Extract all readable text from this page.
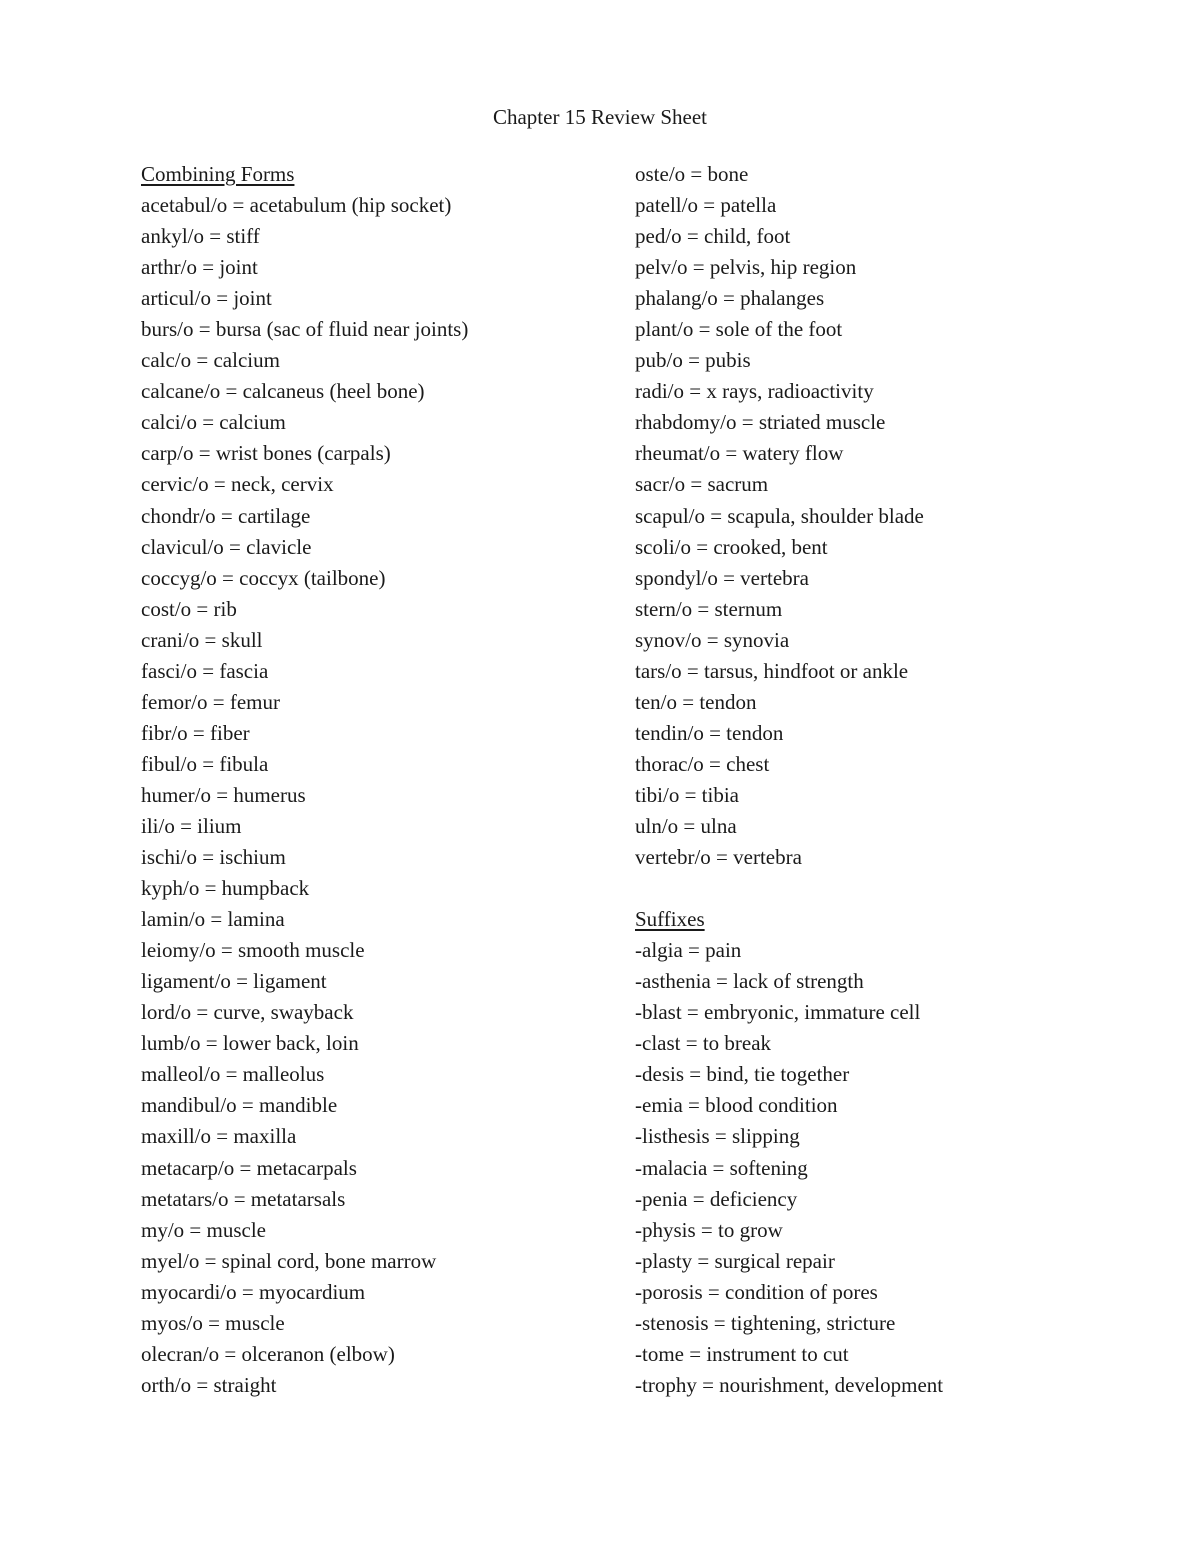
Chapter 15 Review Sheet
Combining Forms
acetabul/o = acetabulum (hip socket)
ankyl/o = stiff
arthr/o = joint
articul/o = joint
burs/o = bursa (sac of fluid near joints)
calc/o = calcium
calcane/o = calcaneus (heel bone)
calci/o = calcium
carp/o = wrist bones (carpals)
cervic/o = neck, cervix
chondr/o = cartilage
clavicul/o = clavicle
coccyg/o = coccyx (tailbone)
cost/o = rib
crani/o = skull
fasci/o = fascia
femor/o = femur
fibr/o = fiber
fibul/o = fibula
humer/o = humerus
ili/o = ilium
ischi/o = ischium
kyph/o = humpback
lamin/o = lamina
leiomy/o = smooth muscle
ligament/o = ligament
lord/o = curve, swayback
lumb/o = lower back, loin
malleol/o = malleolus
mandibul/o = mandible
maxill/o = maxilla
metacarp/o = metacarpals
metatars/o = metatarsals
my/o = muscle
myel/o = spinal cord, bone marrow
myocardi/o = myocardium
myos/o = muscle
olecran/o = olceranon (elbow)
orth/o = straight
oste/o = bone
patell/o = patella
ped/o = child, foot
pelv/o = pelvis, hip region
phalang/o = phalanges
plant/o = sole of the foot
pub/o = pubis
radi/o = x rays, radioactivity
rhabdomy/o = striated muscle
rheumat/o = watery flow
sacr/o = sacrum
scapul/o = scapula, shoulder blade
scoli/o = crooked, bent
spondyl/o = vertebra
stern/o = sternum
synov/o = synovia
tars/o = tarsus, hindfoot or ankle
ten/o = tendon
tendin/o = tendon
thorac/o = chest
tibi/o = tibia
uln/o = ulna
vertebr/o = vertebra
Suffixes
-algia = pain
-asthenia = lack of strength
-blast = embryonic, immature cell
-clast = to break
-desis = bind, tie together
-emia = blood condition
-listhesis = slipping
-malacia = softening
-penia = deficiency
-physis = to grow
-plasty = surgical repair
-porosis = condition of pores
-stenosis = tightening, stricture
-tome = instrument to cut
-trophy = nourishment, development
